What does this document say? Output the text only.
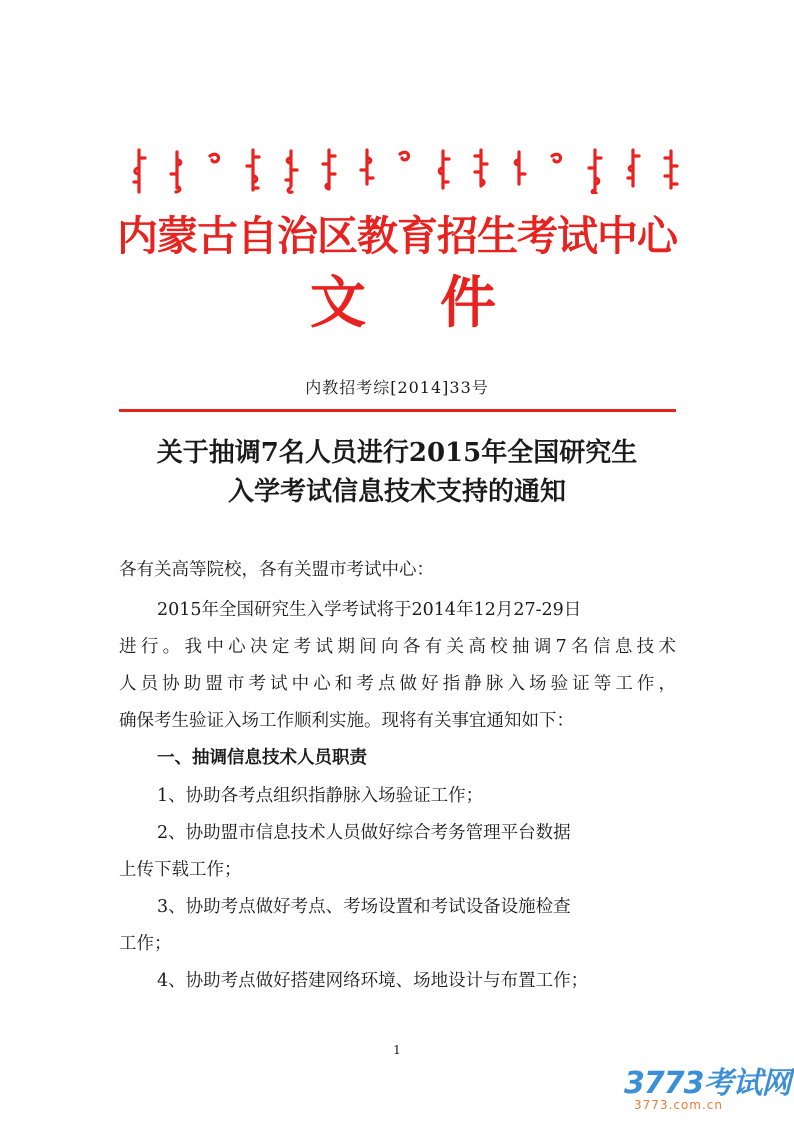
内蒙古自治区教育招生考试中心
文 件
内教招考综[2014]33号
关于抽调7名人员进行2015年全国研究生
入学考试信息技术支持的通知
各有关高等院校，各有关盟市考试中心：
2015年全国研究生入学考试将于2014年12月27-29日
进行。我中心决定考试期间向各有关高校抽调7名信息技术
人员协助盟市考试中心和考点做好指静脉入场验证等工作，
确保考生验证入场工作顺利实施。现将有关事宜通知如下：
一、抽调信息技术人员职责
1、协助各考点组织指静脉入场验证工作；
2、协助盟市信息技术人员做好综合考务管理平台数据
上传下载工作；
3、协助考点做好考点、考场设置和考试设备设施检查
工作；
4、协助考点做好搭建网络环境、场地设计与布置工作；
1
3773考试网
3773.com.cn
